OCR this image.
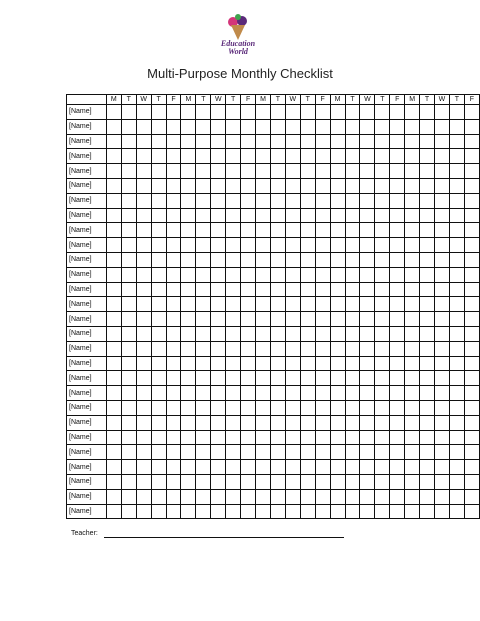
Education
World
Multi-Purpose Monthly Checklist
	M	T	W	T	F	M	T	W	T	F	M	T	W	T	F	M	T	W	T	F	M	T	W	T	F
[Name]																									
[Name]																									
[Name]																									
[Name]																									
[Name]																									
[Name]																									
[Name]																									
[Name]																									
[Name]																									
[Name]																									
[Name]																									
[Name]																									
[Name]																									
[Name]																									
[Name]																									
[Name]																									
[Name]																									
[Name]																									
[Name]																									
[Name]																									
[Name]																									
[Name]																									
[Name]																									
[Name]																									
[Name]																									
[Name]																									
[Name]																									
[Name]																									
Teacher:
